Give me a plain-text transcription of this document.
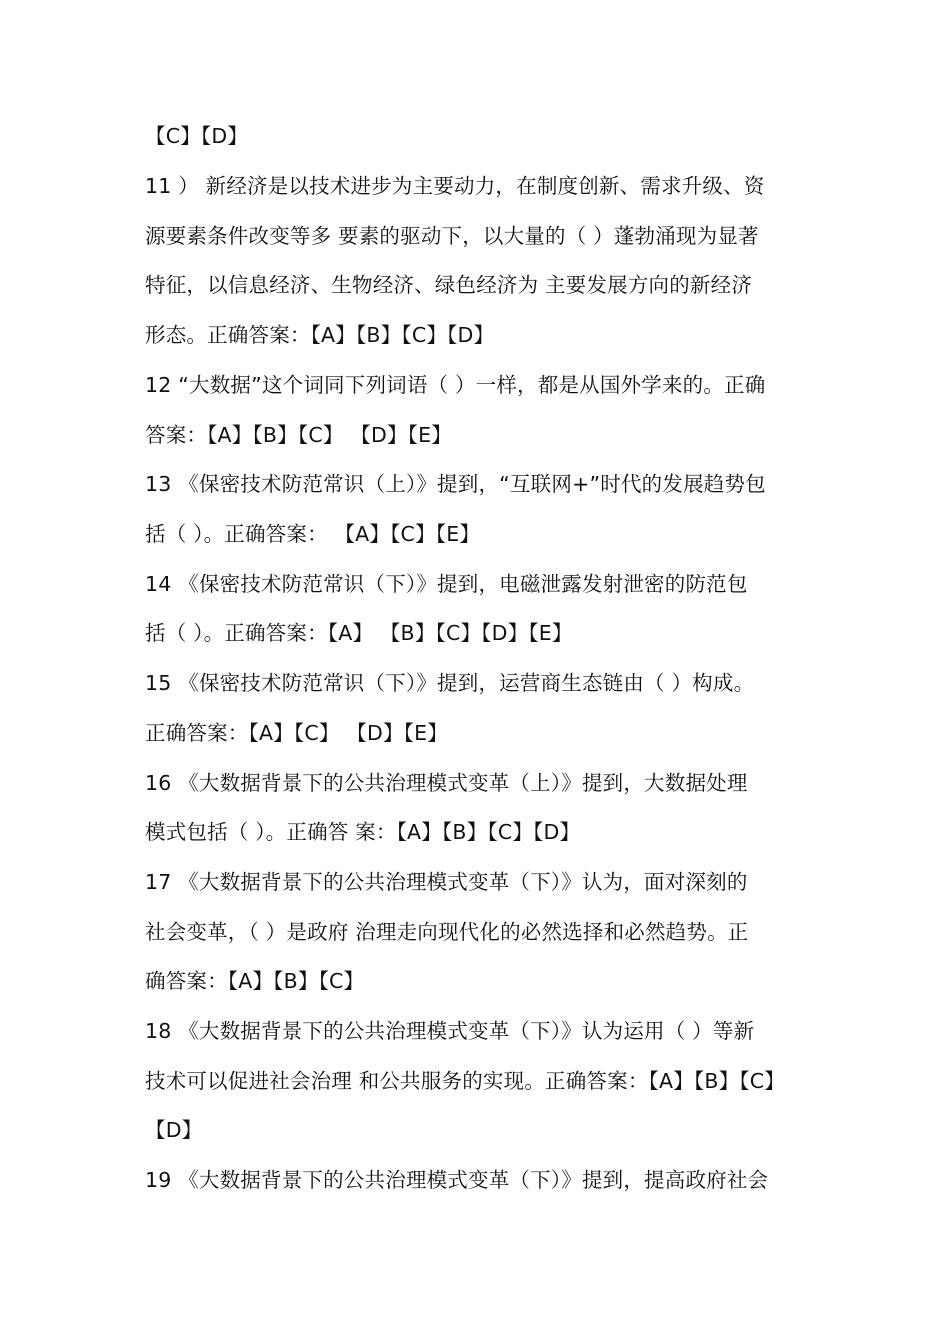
【C】【D】
11 ） 新经济是以技术进步为主要动力，在制度创新、需求升级、资
源要素条件改变等多 要素的驱动下，以大量的（ ）蓬勃涌现为显著
特征，以信息经济、生物经济、绿色经济为 主要发展方向的新经济
形态。正确答案：【A】【B】【C】【D】
12 “大数据”这个词同下列词语（ ）一样，都是从国外学来的。正确
答案：【A】【B】【C】 【D】【E】
13 《保密技术防范常识（上）》提到，“互联网+”时代的发展趋势包
括（ ）。正确答案： 【A】【C】【E】
14 《保密技术防范常识（下）》提到，电磁泄露发射泄密的防范包
括（ ）。正确答案：【A】 【B】【C】【D】【E】
15 《保密技术防范常识（下）》提到，运营商生态链由（ ）构成。
正确答案：【A】【C】 【D】【E】
16 《大数据背景下的公共治理模式变革（上）》提到，大数据处理
模式包括（ ）。正确答 案：【A】【B】【C】【D】
17 《大数据背景下的公共治理模式变革（下）》认为，面对深刻的
社会变革，（ ）是政府 治理走向现代化的必然选择和必然趋势。正
确答案：【A】【B】【C】
18 《大数据背景下的公共治理模式变革（下）》认为运用（ ）等新
技术可以促进社会治理 和公共服务的实现。正确答案：【A】【B】【C】
【D】
19 《大数据背景下的公共治理模式变革（下）》提到，提高政府社会
